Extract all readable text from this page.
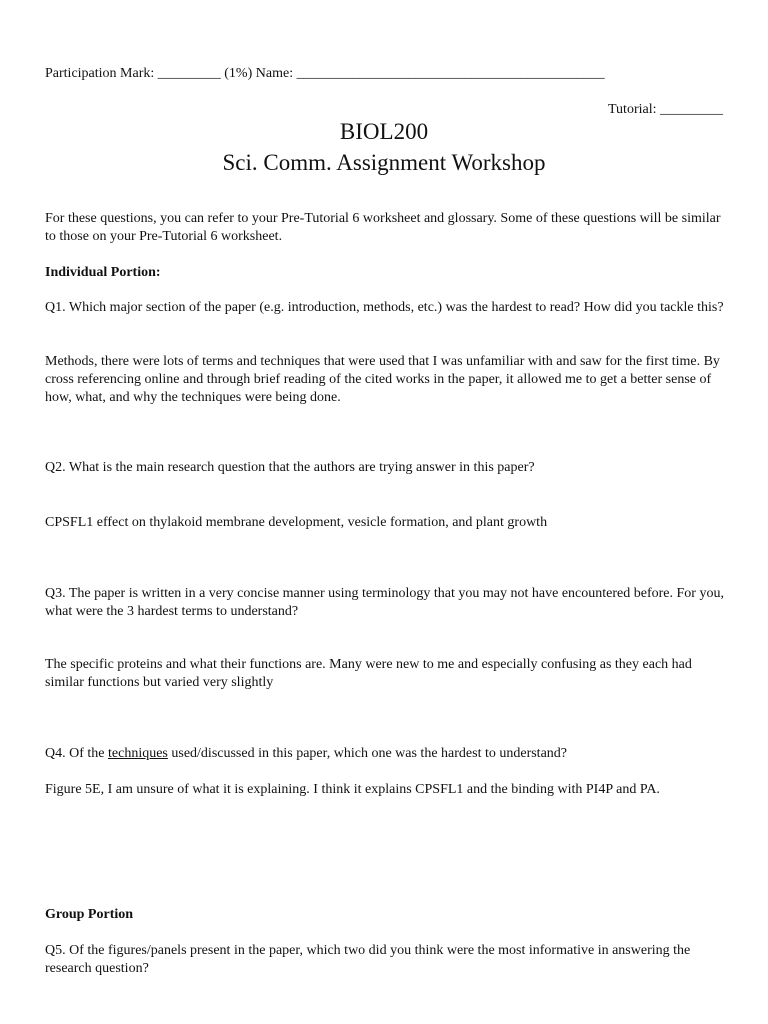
Participation Mark: _________ (1%) Name: ____________________________________________
Tutorial: _________
BIOL200
Sci. Comm. Assignment Workshop
For these questions, you can refer to your Pre-Tutorial 6 worksheet and glossary. Some of these questions will be similar to those on your Pre-Tutorial 6 worksheet.
Individual Portion:
Q1. Which major section of the paper (e.g. introduction, methods, etc.) was the hardest to read? How did you tackle this?
Methods, there were lots of terms and techniques that were used that I was unfamiliar with and saw for the first time. By cross referencing online and through brief reading of the cited works in the paper, it allowed me to get a better sense of how, what, and why the techniques were being done.
Q2. What is the main research question that the authors are trying answer in this paper?
CPSFL1 effect on thylakoid membrane development, vesicle formation, and plant growth
Q3. The paper is written in a very concise manner using terminology that you may not have encountered before. For you, what were the 3 hardest terms to understand?
The specific proteins and what their functions are. Many were new to me and especially confusing as they each had similar functions but varied very slightly
Q4. Of the techniques used/discussed in this paper, which one was the hardest to understand?
Figure 5E, I am unsure of what it is explaining. I think it explains CPSFL1 and the binding with PI4P and PA.
Group Portion
Q5. Of the figures/panels present in the paper, which two did you think were the most informative in answering the research question?
